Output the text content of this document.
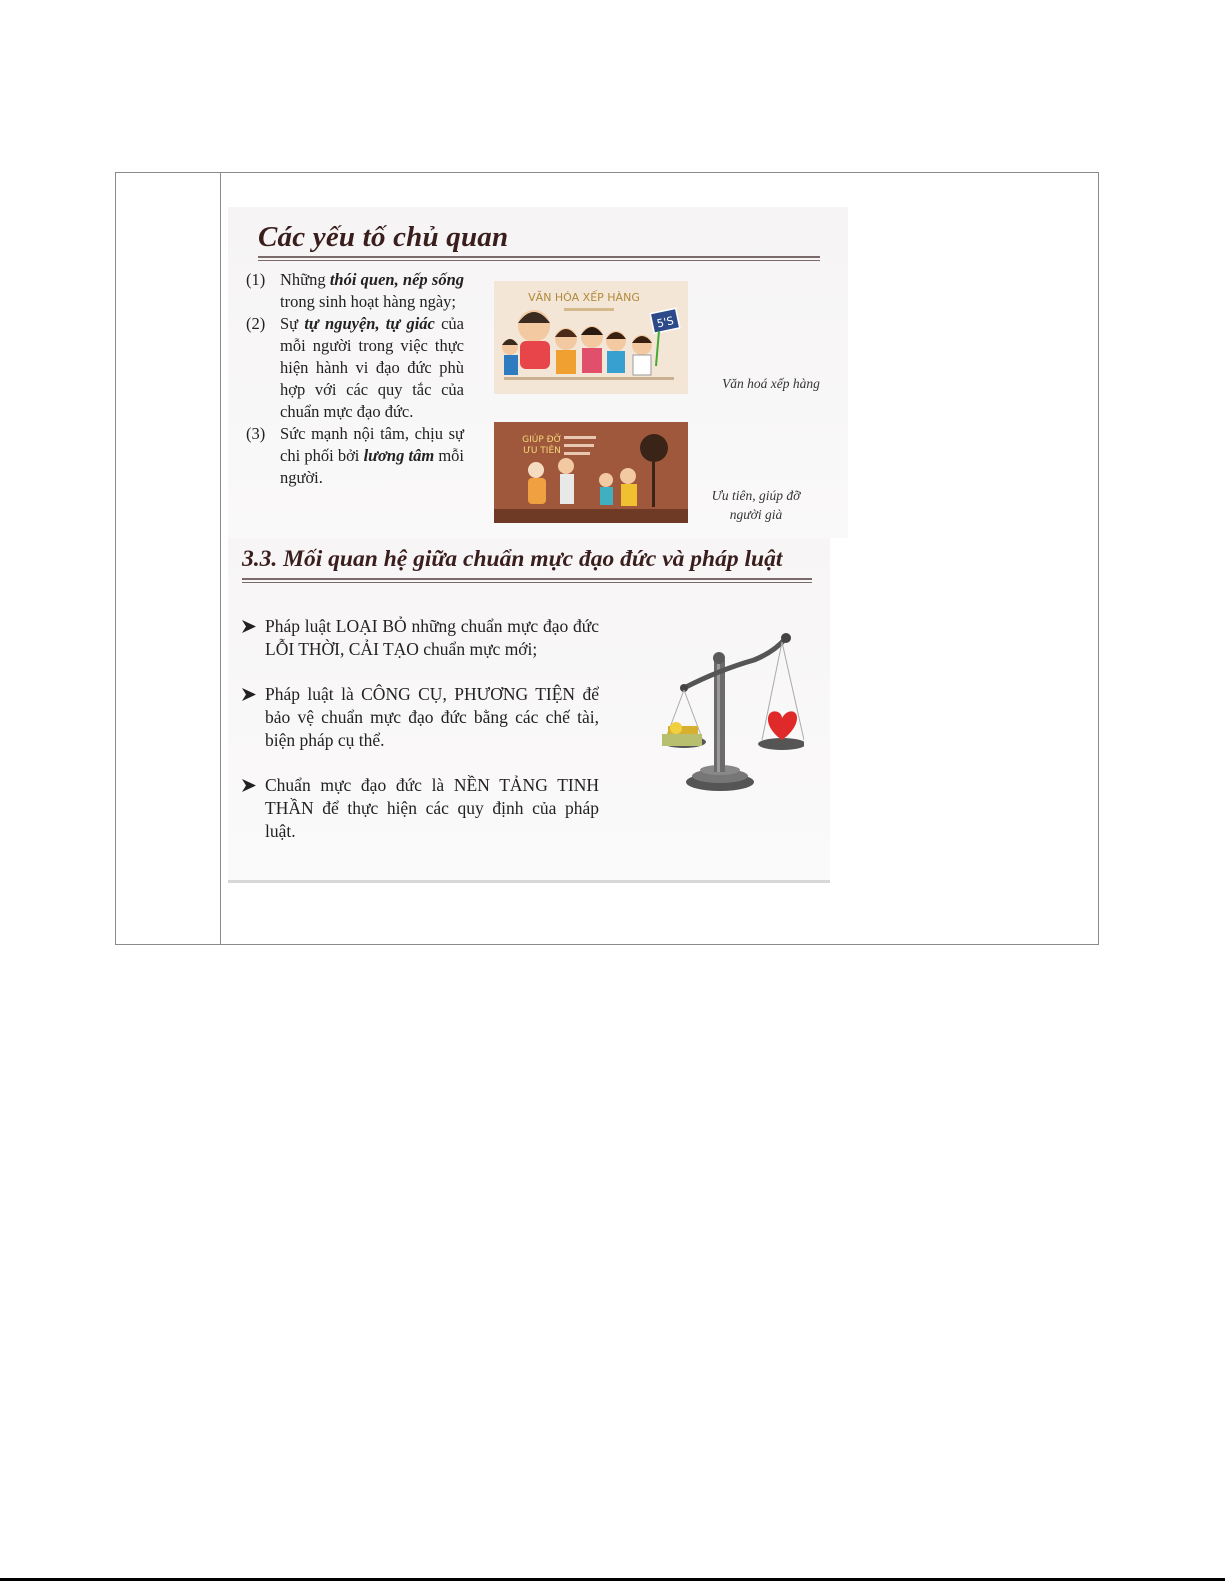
Các yếu tố chủ quan
(1) Những thói quen, nếp sống trong sinh hoạt hàng ngày;
(2) Sự tự nguyện, tự giác của mỗi người trong việc thực hiện hành vi đạo đức phù hợp với các quy tắc của chuẩn mực đạo đức.
(3) Sức mạnh nội tâm, chịu sự chi phối bởi lương tâm mỗi người.
VĂN HÓA XẾP HÀNG
5'S
Văn hoá xếp hàng
GIÚP ĐỠ
ƯU TIÊN
Ưu tiên, giúp đỡ
người già
3.3. Mối quan hệ giữa chuẩn mực đạo đức và pháp luật
Pháp luật LOẠI BỎ những chuẩn mực đạo đức LỖI THỜI, CẢI TẠO chuẩn mực mới;
Pháp luật là CÔNG CỤ, PHƯƠNG TIỆN để bảo vệ chuẩn mực đạo đức bằng các chế tài, biện pháp cụ thể.
Chuẩn mực đạo đức là NỀN TẢNG TINH THẦN để thực hiện các quy định của pháp luật.
